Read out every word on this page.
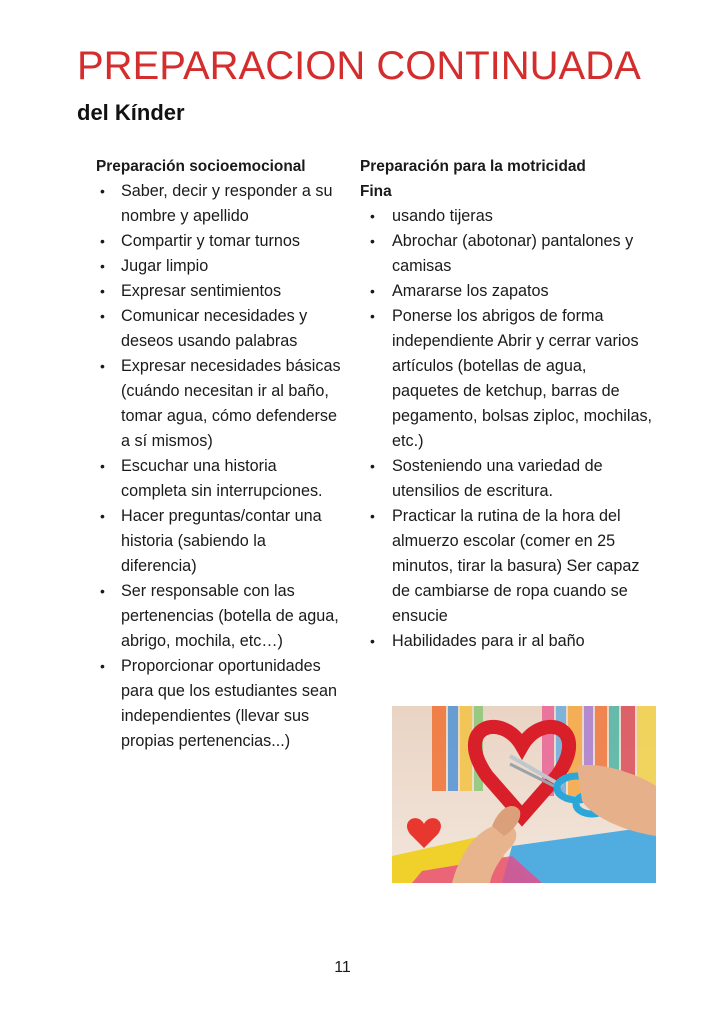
PREPARACION CONTINUADA
del Kínder
Preparación socioemocional
• Saber, decir y responder a su nombre y apellido
• Compartir y tomar turnos
• Jugar limpio
• Expresar sentimientos
• Comunicar necesidades y deseos usando palabras
• Expresar necesidades básicas (cuándo necesitan ir al baño, tomar agua, cómo defenderse a sí mismos)
• Escuchar una historia completa sin interrupciones.
• Hacer preguntas/contar una historia (sabiendo la diferencia)
• Ser responsable con las pertenencias (botella de agua, abrigo, mochila, etc…)
• Proporcionar oportunidades para que los estudiantes sean independientes (llevar sus propias pertenencias...)
Preparación para la motricidad
Fina
• usando tijeras
• Abrochar (abotonar) pantalones y camisas
• Amararse los zapatos
• Ponerse los abrigos de forma independiente Abrir y cerrar varios artículos (botellas de agua, paquetes de ketchup, barras de pegamento, bolsas ziploc, mochilas, etc.)
• Sosteniendo una variedad de utensilios de escritura.
• Practicar la rutina de la hora del almuerzo escolar (comer en 25 minutos, tirar la basura) Ser capaz de cambiarse de ropa cuando se ensucie
• Habilidades para ir al baño
11
